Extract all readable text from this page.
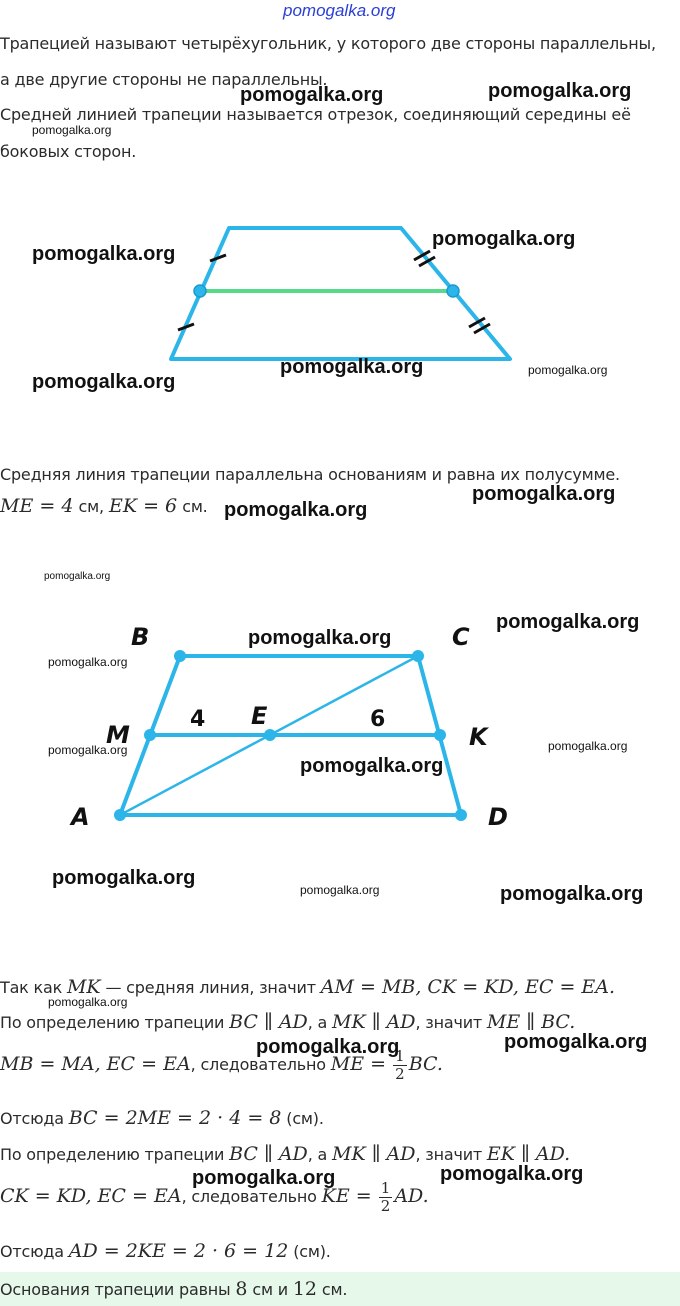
pomogalka.org
Трапецией называют четырёхугольник, у которого две стороны параллельны,
а две другие стороны не параллельны.
Средней линией трапеции называется отрезок, соединяющий середины её
боковых сторон.
Средняя линия трапеции параллельна основаниям и равна их полусумме.
ME = 4 см, EK = 6 см.
B	C
M
E
K
A	D
4	6
Так как MK — средняя линия, значит AM = MB, CK = KD, EC = EA.
По определению трапеции BC ∥ AD, а MK ∥ AD, значит ME ∥ BC.
MB = MA, EC = EA, следовательно ME = $\frac{1}{2}$ BC.
Отсюда BC = 2ME = 2 · 4 = 8 (см).
По определению трапеции BC ∥ AD, а MK ∥ AD, значит EK ∥ AD.
CK = KD, EC = EA, следовательно KE = $\frac{1}{2}$ AD.
Отсюда AD = 2KE = 2 · 6 = 12 (см).
Основания трапеции равны 8 см и 12 см.
pomogalka.org	pomogalka.org
pomogalka.org
pomogalka.org
pomogalka.org
pomogalka.org
pomogalka.org	pomogalka.org
pomogalka.org
pomogalka.org
pomogalka.org
pomogalka.org
pomogalka.org
pomogalka.org
pomogalka.org	pomogalka.org
pomogalka.org
pomogalka.org
pomogalka.org	pomogalka.org
pomogalka.org
pomogalka.org	pomogalka.org
pomogalka.org	pomogalka.org
